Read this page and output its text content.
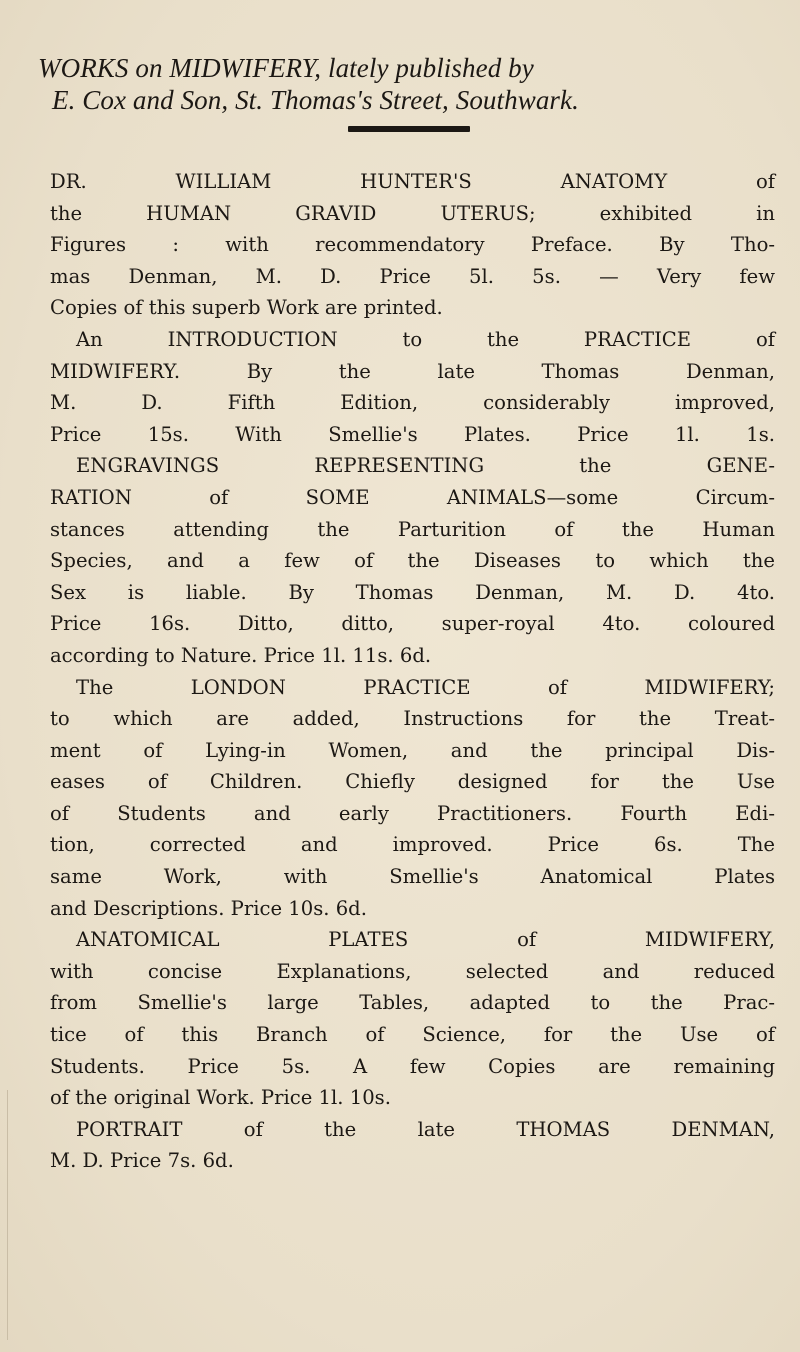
WORKS on MIDWIFERY, lately published by
E. Cox and Son, St. Thomas's Street, Southwark.
DR. WILLIAM HUNTER'S ANATOMY of
the HUMAN GRAVID UTERUS; exhibited in
Figures : with recommendatory Preface. By Tho-
mas Denman, M. D. Price 5l. 5s. — Very few
Copies of this superb Work are printed.
An INTRODUCTION to the PRACTICE of
MIDWIFERY. By the late Thomas Denman,
M. D. Fifth Edition, considerably improved,
Price 15s. With Smellie's Plates. Price 1l. 1s.
ENGRAVINGS REPRESENTING the GENE-
RATION of SOME ANIMALS—some Circum-
stances attending the Parturition of the Human
Species, and a few of the Diseases to which the
Sex is liable. By Thomas Denman, M. D. 4to.
Price 16s. Ditto, ditto, super-royal 4to. coloured
according to Nature. Price 1l. 11s. 6d.
The LONDON PRACTICE of MIDWIFERY;
to which are added, Instructions for the Treat-
ment of Lying-in Women, and the principal Dis-
eases of Children. Chiefly designed for the Use
of Students and early Practitioners. Fourth Edi-
tion, corrected and improved. Price 6s. The
same Work, with Smellie's Anatomical Plates
and Descriptions. Price 10s. 6d.
ANATOMICAL PLATES of MIDWIFERY,
with concise Explanations, selected and reduced
from Smellie's large Tables, adapted to the Prac-
tice of this Branch of Science, for the Use of
Students. Price 5s. A few Copies are remaining
of the original Work. Price 1l. 10s.
PORTRAIT of the late THOMAS DENMAN,
M. D. Price 7s. 6d.
